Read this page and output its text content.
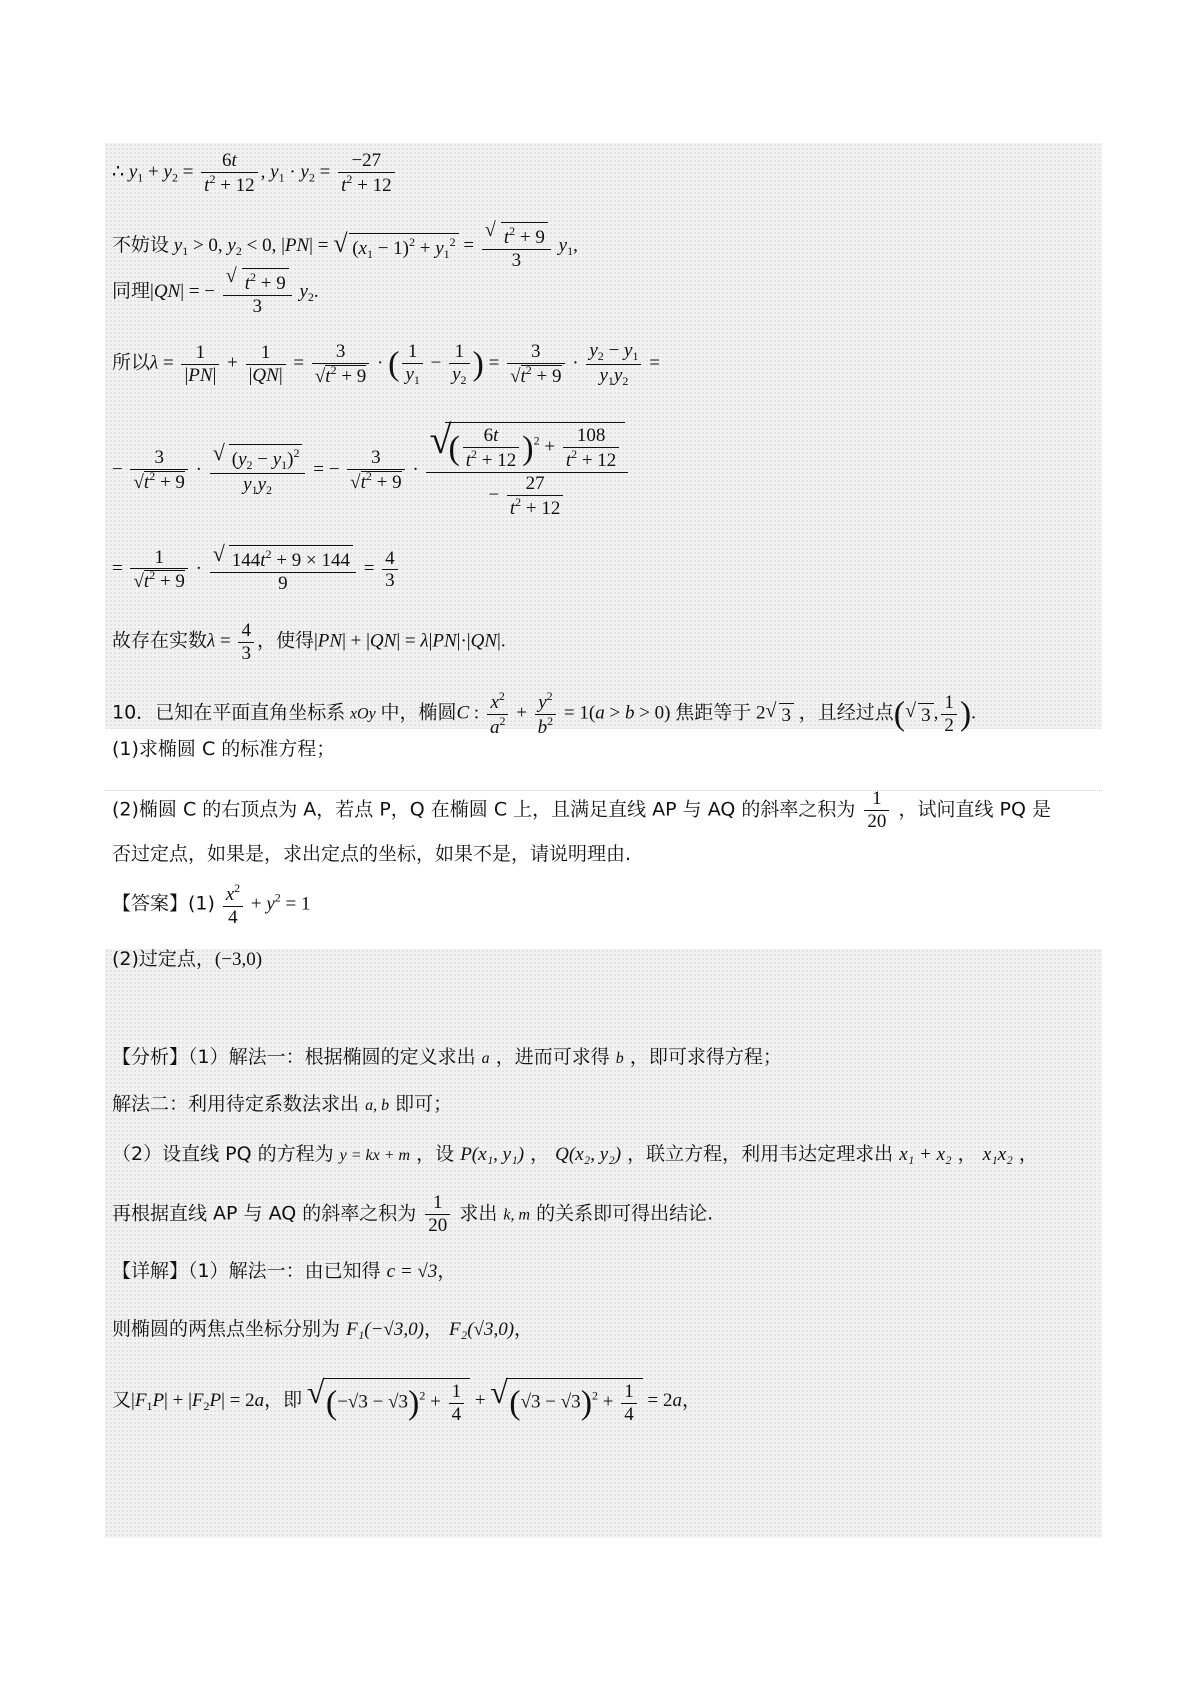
∴ $y_1 + y_2 = \frac{6t}{t^2 + 12}$ , $y_1 \cdot y_2 = \frac{-27}{t^2 + 12}$
不妨设 $y_1 > 0$, $y_2 < 0$, |PN| = √ $(x_1 - 1)^2 + y_1^2 = \frac{√ t^2 + 9}{3} y_1$,
同理|QN| = − $\frac{√ t^2 + 9}{3} y_2$.
所以$\lambda = \frac{1}{|PN|} + \frac{1}{|QN|} = \frac{3}{√t^2 + 9}$ · ( $\frac{1}{y_1} - \frac{1}{y_2}$ ) = $\frac{3}{√t^2 + 9} \cdot \frac{y_2 - y_1}{y_1y_2}$ =
− $\frac{3}{√t^2 + 9} \cdot \frac{√ (y_2 - y_1)^2}{y_1y_2}$ = − $\frac{3}{√t^2 + 9}$ · √
( $\frac{6t}{t^2 + 12} )^2 + \frac{108}{t^2 + 12}$
− $\frac{27}{t^2 + 12}$
= $\frac{1}{√t^2 + 9} \cdot \frac{√ 144t^2 + 9 \times 144}{9} = \frac{4}{3}$
故存在实数$\lambda = \frac{4}{3}$ ，使得|PN| + |QN| = λ|PN|·|QN|.
10．已知在平面直角坐标系 xOy 中，椭圆C : $\frac{x^2}{a^2} + \frac{y^2}{b^2} = 1(a > b > 0)$ 焦距等于 2 √ 3 ，且经过点( √ 3 , $\frac{1}{2}$ ).
(1)求椭圆 C 的标准方程；
(2)椭圆 C 的右顶点为 A，若点 P，Q 在椭圆 C 上，且满足直线 AP 与 AQ 的斜率之积为 $\frac{1}{20}$ ，试问直线 PQ 是
否过定点，如果是，求出定点的坐标，如果不是，请说明理由.
【答案】$(1) \frac{x^2}{4} + y^2 = 1$
(2)过定点，(−3,0)
【分析】（1）解法一：根据椭圆的定义求出 a ，进而可求得 b ，即可求得方程；
解法二：利用待定系数法求出 a, b 即可；
（2）设直线 PQ 的方程为 y = kx + m ，设 P(x₁, y₁) ， Q(x₂, y₂) ，联立方程，利用韦达定理求出 x₁ + x₂ ， x₁x₂ ，
再根据直线 AP 与 AQ 的斜率之积为 $\frac{1}{20}$ 求出 k, m 的关系即可得出结论.
【详解】（1）解法一：由已知得 c = √3，
则椭圆的两焦点坐标分别为 F₁(−√3,0)， F₂(√3,0)，
又$|F_1P| + |F_2P| = 2a$，即 √ $(-√3 - √3)^2 + \frac{1}{4}$ + √ $(√3 - √3)^2 + \frac{1}{4} = 2a$，
